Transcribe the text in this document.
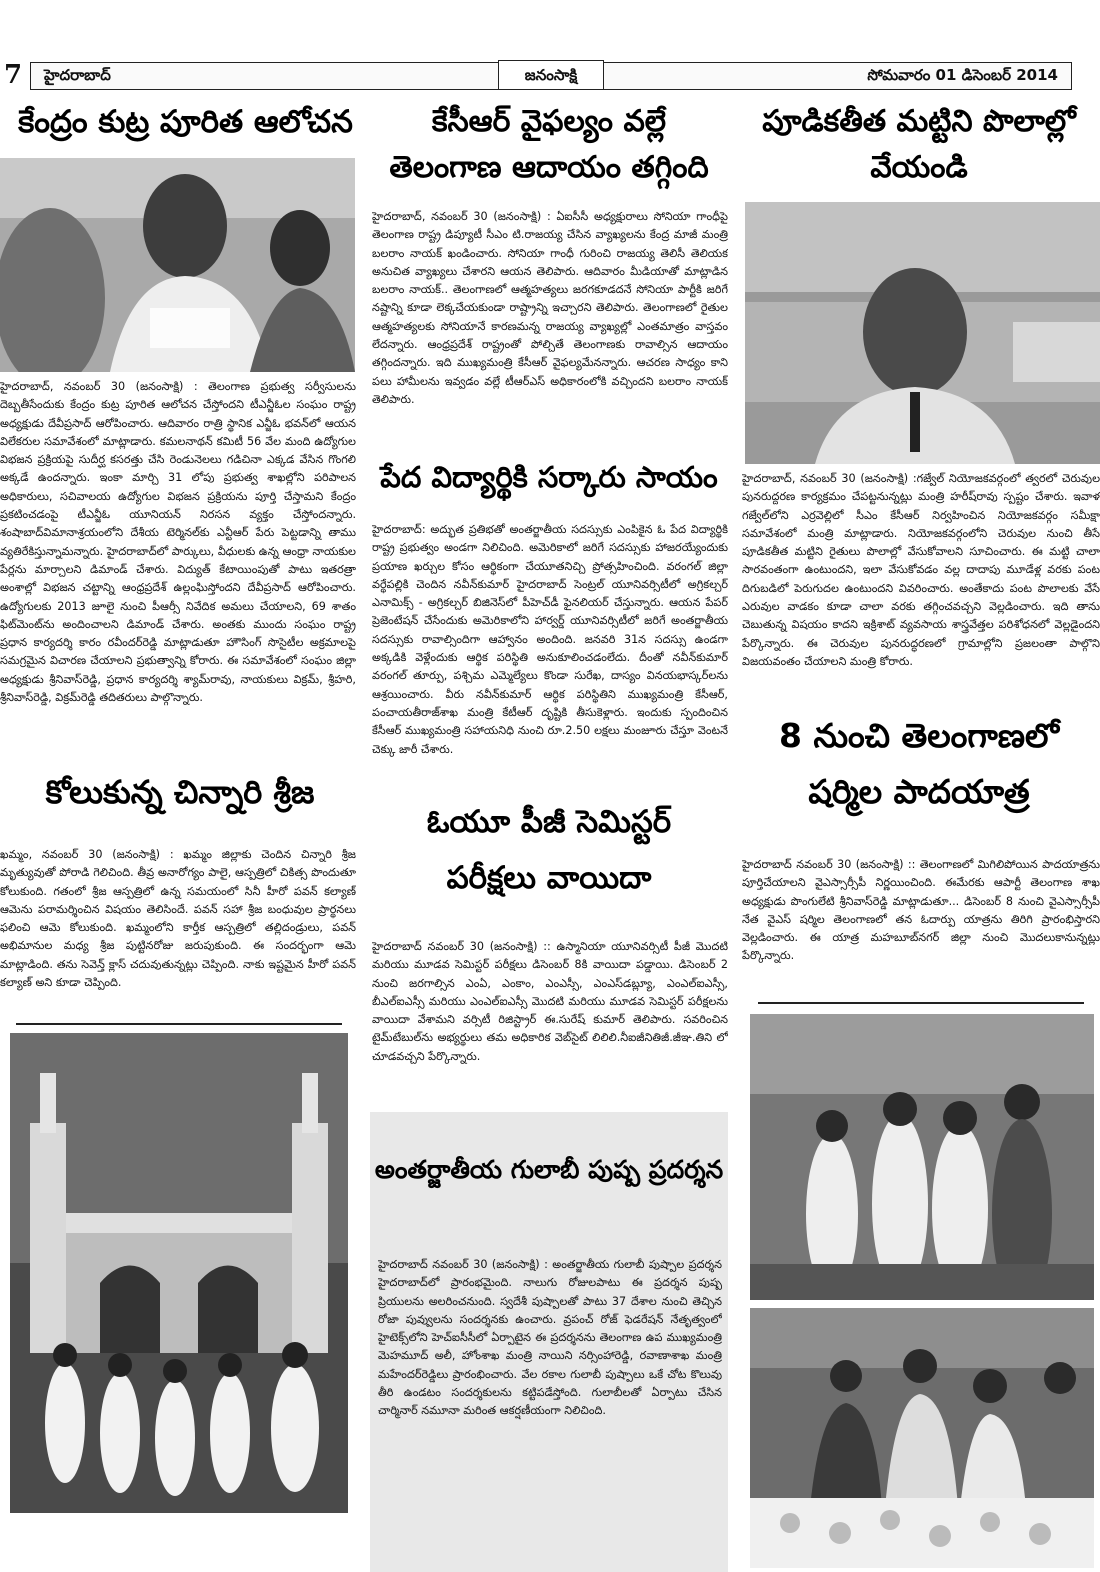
7	హైదరాబాద్	జనంసాక్షి	సోమవారం 01 డిసెంబర్ 2014
కేంద్రం కుట్ర పూరిత ఆలోచన
హైదరాబాద్‌, నవంబర్‌ 30 (జనంసాక్షి) : తెలంగాణ ప్రభుత్వ సర్వీసులను దెబ్బతీసేందుకు కేంద్రం కుట్ర పూరిత ఆలోచన చేస్తోందని టీఎన్జీఓల సంఘం రాష్ట్ర అధ్యక్షుడు దేవీప్రసాద్‌ ఆరోపించారు. ఆదివారం రాత్రి స్థానిక ఎన్జీఓ భవన్‌లో ఆయన విలేకరుల సమావేశంలో మాట్లాడారు. కమలనాథన్‌ కమిటీ 56 వేల మంది ఉద్యోగుల విభజన ప్రక్రియపై సుదీర్ఘ కసరత్తు చేసి రెండునెలలు గడిచినా ఎక్కడ వేసిన గొంగలి అక్కడే ఉందన్నారు. ఇంకా మార్చి 31 లోపు ప్రభుత్వ శాఖల్లోని పరిపాలన అధికారులు, సచివాలయ ఉద్యోగుల విభజన ప్రక్రియను పూర్తి చేస్తామని కేంద్రం ప్రకటించడంపై టీఎన్జీఓ యూనియన్‌ నిరసన వ్యక్తం చేస్తోందన్నారు. శంషాబాద్‌విమానాశ్రయంలోని దేశీయ టెర్మినల్‌కు ఎన్టీఆర్‌ పేరు పెట్టడాన్ని తాము వ్యతిరేకిస్తున్నామన్నారు. హైదరాబాద్‌లో పార్కులు, వీధులకు ఉన్న ఆంధ్రా నాయకుల పేర్లను మార్చాలని డిమాండ్‌ చేశారు. విద్యుత్‌ కేటాయింపుతో పాటు ఇతరత్రా అంశాల్లో విభజన చట్టాన్ని ఆంధ్రప్రదేశ్‌ ఉల్లంఘిస్తోందని దేవీప్రసాద్‌ ఆరోపించారు. ఉద్యోగులకు 2013 జూలై నుంచి పీఆర్సీ నివేదిక అమలు చేయాలని, 69 శాతం ఫిట్‌మెంట్‌ను అందించాలని డిమాండ్‌ చేశారు. అంతకు ముందు సంఘం రాష్ట్ర ప్రధాన కార్యదర్శి కారం రవీందర్‌రెడ్డి మాట్లాడుతూ హౌసింగ్‌ సొసైటీల అక్రమాలపై సమగ్రమైన విచారణ చేయాలని ప్రభుత్వాన్ని కోరారు. ఈ సమావేశంలో సంఘం జిల్లా అధ్యక్షుడు శ్రీనివాస్‌రెడ్డి, ప్రధాన కార్యదర్శి శ్యామ్‌రావు, నాయకులు విక్రమ్‌, శ్రీహరి, శ్రీనివాస్‌రెడ్డి, విక్రమ్‌రెడ్డి తదితరులు పాల్గొన్నారు.
కోలుకున్న చిన్నారి శ్రీజ
ఖమ్మం, నవంబర్‌ 30 (జనంసాక్షి) : ఖమ్మం జిల్లాకు చెందిన చిన్నారి శ్రీజ మృత్యువుతో పోరాడి గెలిచింది. తీవ్ర అనారోగ్యం పాలై, ఆస్పత్రిలో చికిత్స పొందుతూ కోలుకుంది. గతంలో శ్రీజ ఆస్పత్రిలో ఉన్న సమయంలో సినీ హీరో పవన్‌ కల్యాణ్‌ ఆమెను పరామర్శించిన విషయం తెలిసిందే. పవన్‌ సహా శ్రీజ బంధువుల ప్రార్థనలు ఫలించి ఆమె కోలుకుంది. ఖమ్మంలోని కార్తీక ఆస్పత్రిలో తల్లిదండ్రులు, పవన్‌ అభిమానుల మధ్య శ్రీజ పుట్టినరోజు జరుపుకుంది. ఈ సందర్భంగా ఆమె మాట్లాడింది. తను సెవెన్త్‌ క్లాస్‌ చదువుతున్నట్లు చెప్పింది. నాకు ఇష్టమైన హీరో పవన్‌ కల్యాణ్‌ అని కూడా చెప్పింది.
కేసీఆర్‌ వైఫల్యం వల్లే
తెలంగాణ ఆదాయం తగ్గింది
హైదరాబాద్‌, నవంబర్‌ 30 (జనంసాక్షి) : ఏఐసీసీ అధ్యక్షురాలు సోనియా గాంధీపై తెలంగాణ రాష్ట్ర డిప్యూటీ సీఎం టి.రాజయ్య చేసిన వ్యాఖ్యలను కేంద్ర మాజీ మంత్రి బలరాం నాయక్‌ ఖండించారు. సోనియా గాంధీ గురించి రాజయ్య తెలిసీ తెలియక అనుచిత వ్యాఖ్యలు చేశారని ఆయన తెలిపారు. ఆదివారం మీడియాతో మాట్లాడిన బలరాం నాయక్‌.. తెలంగాణలో ఆత్మహత్యలు జరగకూడదనే సోనియా పార్టీకి జరిగే నష్టాన్ని కూడా లెక్కచేయకుండా రాష్ట్రాన్ని ఇచ్చారని తెలిపారు. తెలంగాణలో రైతుల ఆత్మహత్యలకు సోనియానే కారణమన్న రాజయ్య వ్యాఖ్యల్లో ఎంతమాత్రం వాస్తవం లేదన్నారు. ఆంధ్రప్రదేశ్‌ రాష్ట్రంతో పోల్చితే తెలంగాణకు రావాల్సిన ఆదాయం తగ్గిందన్నారు. ఇది ముఖ్యమంత్రి కేసీఆర్‌ వైఫల్యమేనన్నారు. ఆచరణ సాధ్యం కాని పలు హామీలను ఇవ్వడం వల్లే టీఆర్‌ఎస్‌ అధికారంలోకి వచ్చిందని బలరాం నాయక్‌ తెలిపారు.
పేద విద్యార్థికి సర్కారు సాయం
హైదరాబాద్‌: అద్భుత ప్రతిభతో అంతర్జాతీయ సదస్సుకు ఎంపికైన ఓ పేద విద్యార్థికి రాష్ట్ర ప్రభుత్వం అండగా నిలిచింది. అమెరికాలో జరిగే సదస్సుకు హాజరయ్యేందుకు ప్రయాణ ఖర్చుల కోసం ఆర్థికంగా చేయూతనిచ్చి ప్రోత్సహించింది. వరంగల్‌ జిల్లా వర్థేపల్లికి చెందిన నవీన్‌కుమార్‌ హైదరాబాద్‌ సెంట్రల్‌ యూనివర్సిటీలో అగ్రికల్చర్‌ ఎనామిక్స్‌ - అగ్రికల్చర్‌ బిజినెస్‌లో పీహెచ్‌డీ ఫైనలియర్‌ చేస్తున్నారు. ఆయన పేపర్‌ ప్రెజెంటేషన్‌ చేసేందుకు అమెరికాలోని హార్వర్డ్‌ యూనివర్సిటీలో జరిగే అంతర్జాతీయ సదస్సుకు రావాల్సిందిగా ఆహ్వానం అందింది. జనవరి 31న సదస్సు ఉండగా అక్కడికి వెళ్లేందుకు ఆర్థిక పరిస్థితి అనుకూలించడంలేదు. దీంతో నవీన్‌కుమార్‌ వరంగల్‌ తూర్పు, పశ్చిమ ఎమ్మెల్యేలు కొండా సురేఖ, దాస్యం వినయభాస్కర్‌లను ఆశ్రయించారు. వీరు నవీన్‌కుమార్‌ ఆర్థిక పరిస్థితిని ముఖ్యమంత్రి కేసీఆర్‌, పంచాయతీరాజ్‌శాఖ మంత్రి కేటీఆర్‌ దృష్టికి తీసుకెళ్లారు. ఇందుకు స్పందించిన కేసీఆర్‌ ముఖ్యమంత్రి సహాయనిధి నుంచి రూ.2.50 లక్షలు మంజూరు చేస్తూ వెంటనే చెక్కు జారీ చేశారు.
ఓయూ పీజీ సెమిస్టర్‌
పరీక్షలు వాయిదా
హైదరాబాద్‌ నవంబర్‌ 30 (జనంసాక్షి) :: ఉస్మానియా యూనివర్సిటీ పీజీ మొదటి మరియు మూడవ సెమిస్టర్‌ పరీక్షలు డిసెంబర్‌ 8కి వాయిదా పడ్డాయి. డిసెంబర్‌ 2 నుంచి జరగాల్సిన ఎంఏ, ఎంకాం, ఎంఎస్సీ, ఎంఎస్‌డబ్ల్యూ, ఎంఎల్‌ఐఎస్సీ, బీఎల్‌ఐఎస్సీ మరియు ఎంఎల్‌ఐఎస్సీ మొదటి మరియు మూడవ సెమిస్టర్‌ పరీక్షలను వాయిదా వేశామని వర్సిటీ రిజిస్ట్రార్‌ ఈ.సురేష్‌ కుమార్‌ తెలిపారు. సవరించిన టైమ్‌టేబుల్‌ను అభ్యర్థులు తమ అధికారిక వెబ్‌సైట్‌ లిలిలి.నీఐజీనితిజీ.జీఞ.తిని లో చూడవచ్చని పేర్కొన్నారు.
అంతర్జాతీయ గులాబీ పుష్ప ప్రదర్శన
హైదరాబాద్‌ నవంబర్‌ 30 (జనంసాక్షి) : అంతర్జాతీయ గులాబీ పుష్పాల ప్రదర్శన హైదరాబాద్‌లో ప్రారంభమైంది. నాలుగు రోజులపాటు ఈ ప్రదర్శన పుష్ప ప్రియులను అలరించనుంది. స్వదేశీ పుష్పాలతో పాటు 37 దేశాల నుంచి తెచ్చిన రోజా పువ్వులను సందర్శనకు ఉంచారు. వ్రపంచ్‌ రోజ్‌ ఫెడరేషన్‌ నేతృత్వంలో హైటెక్స్‌లోని హెచ్‌ఐసీసీలో ఏర్పాటైన ఈ ప్రదర్శనను తెలంగాణ ఉప ముఖ్యమంత్రి మెహమూద్‌ అలీ, హోంశాఖ మంత్రి నాయిని నర్సింహారెడ్డి, రవాణాశాఖ మంత్రి మహేందర్‌రెడ్డిలు ప్రారంభించారు. వేల రకాల గులాబీ పుష్పాలు ఒకే చోట కొలువు తీరి ఉండటం సందర్శకులను కట్టిపడేస్తోంది. గులాబీలతో ఏర్పాటు చేసిన చార్మినార్‌ నమూనా మరింత ఆకర్షణీయంగా నిలిచింది.
పూడికతీత మట్టిని పొలాల్లో
వేయండి
హైదరాబాద్‌, నవంబర్‌ 30 (జనంసాక్షి) :గజ్వేల్‌ నియోజకవర్గంలో త్వరలో చెరువుల పునరుద్దరణ కార్యక్రమం చేపట్టనున్నట్లు మంత్రి హరీష్‌రావు స్పష్టం చేశారు. ఇవాళ గజ్వేల్‌లోని ఎర్రవెల్లిలో సీఎం కేసీఆర్‌ నిర్వహించిన నియోజకవర్గం సమీక్షా సమావేశంలో మంత్రి మాట్లాడారు. నియోజకవర్గంలోని చెరువుల నుంచి తీసే పూడికతీత మట్టిని రైతులు పొలాల్లో వేసుకోవాలని సూచించారు. ఈ మట్టి చాలా సారవంతంగా ఉంటుందని, ఇలా వేసుకోవడం వల్ల దాదాపు మూడేళ్ల వరకు పంట దిగుబడిలో పెరుగుదల ఉంటుందని వివరించారు. అంతేకాదు పంట పొలాలకు వేసే ఎరువుల వాడకం కూడా చాలా వరకు తగ్గించవచ్చని వెల్లడించారు. ఇది తాను చెబుతున్న విషయం కాదని ఇక్రిశాట్‌ వ్యవసాయ శాస్త్రవేత్తల పరిశోధనలో వెల్లడైందని పేర్కొన్నారు. ఈ చెరువుల పునరుద్ధరణలో గ్రామాల్లోని ప్రజలంతా పాల్గొని విజయవంతం చేయాలని మంత్రి కోరారు.
8 నుంచి తెలంగాణలో
షర్మిల పాదయాత్ర
హైదరాబాద్‌ నవంబర్‌ 30 (జనంసాక్షి) :: తెలంగాణలో మిగిలిపోయిన పాదయాత్రను పూర్తిచేయాలని వైఎస్సార్సీపీ నిర్ణయించింది. ఈమేరకు ఆపార్టీ తెలంగాణ శాఖ అధ్యక్షుడు పొంగులేటి శ్రీనివాస్‌రెడ్డి మాట్లాడుతూ... డిసెంబర్‌ 8 నుంచి వైఎస్సార్సీపీ నేత వైఎస్‌ షర్మిల తెలంగాణలో తన ఓదార్పు యాత్రను తిరిగి ప్రారంభిస్తారని వెల్లడించారు. ఈ యాత్ర మహబూబ్‌నగర్‌ జిల్లా నుంచి మొదలుకానున్నట్లు పేర్కొన్నారు.
